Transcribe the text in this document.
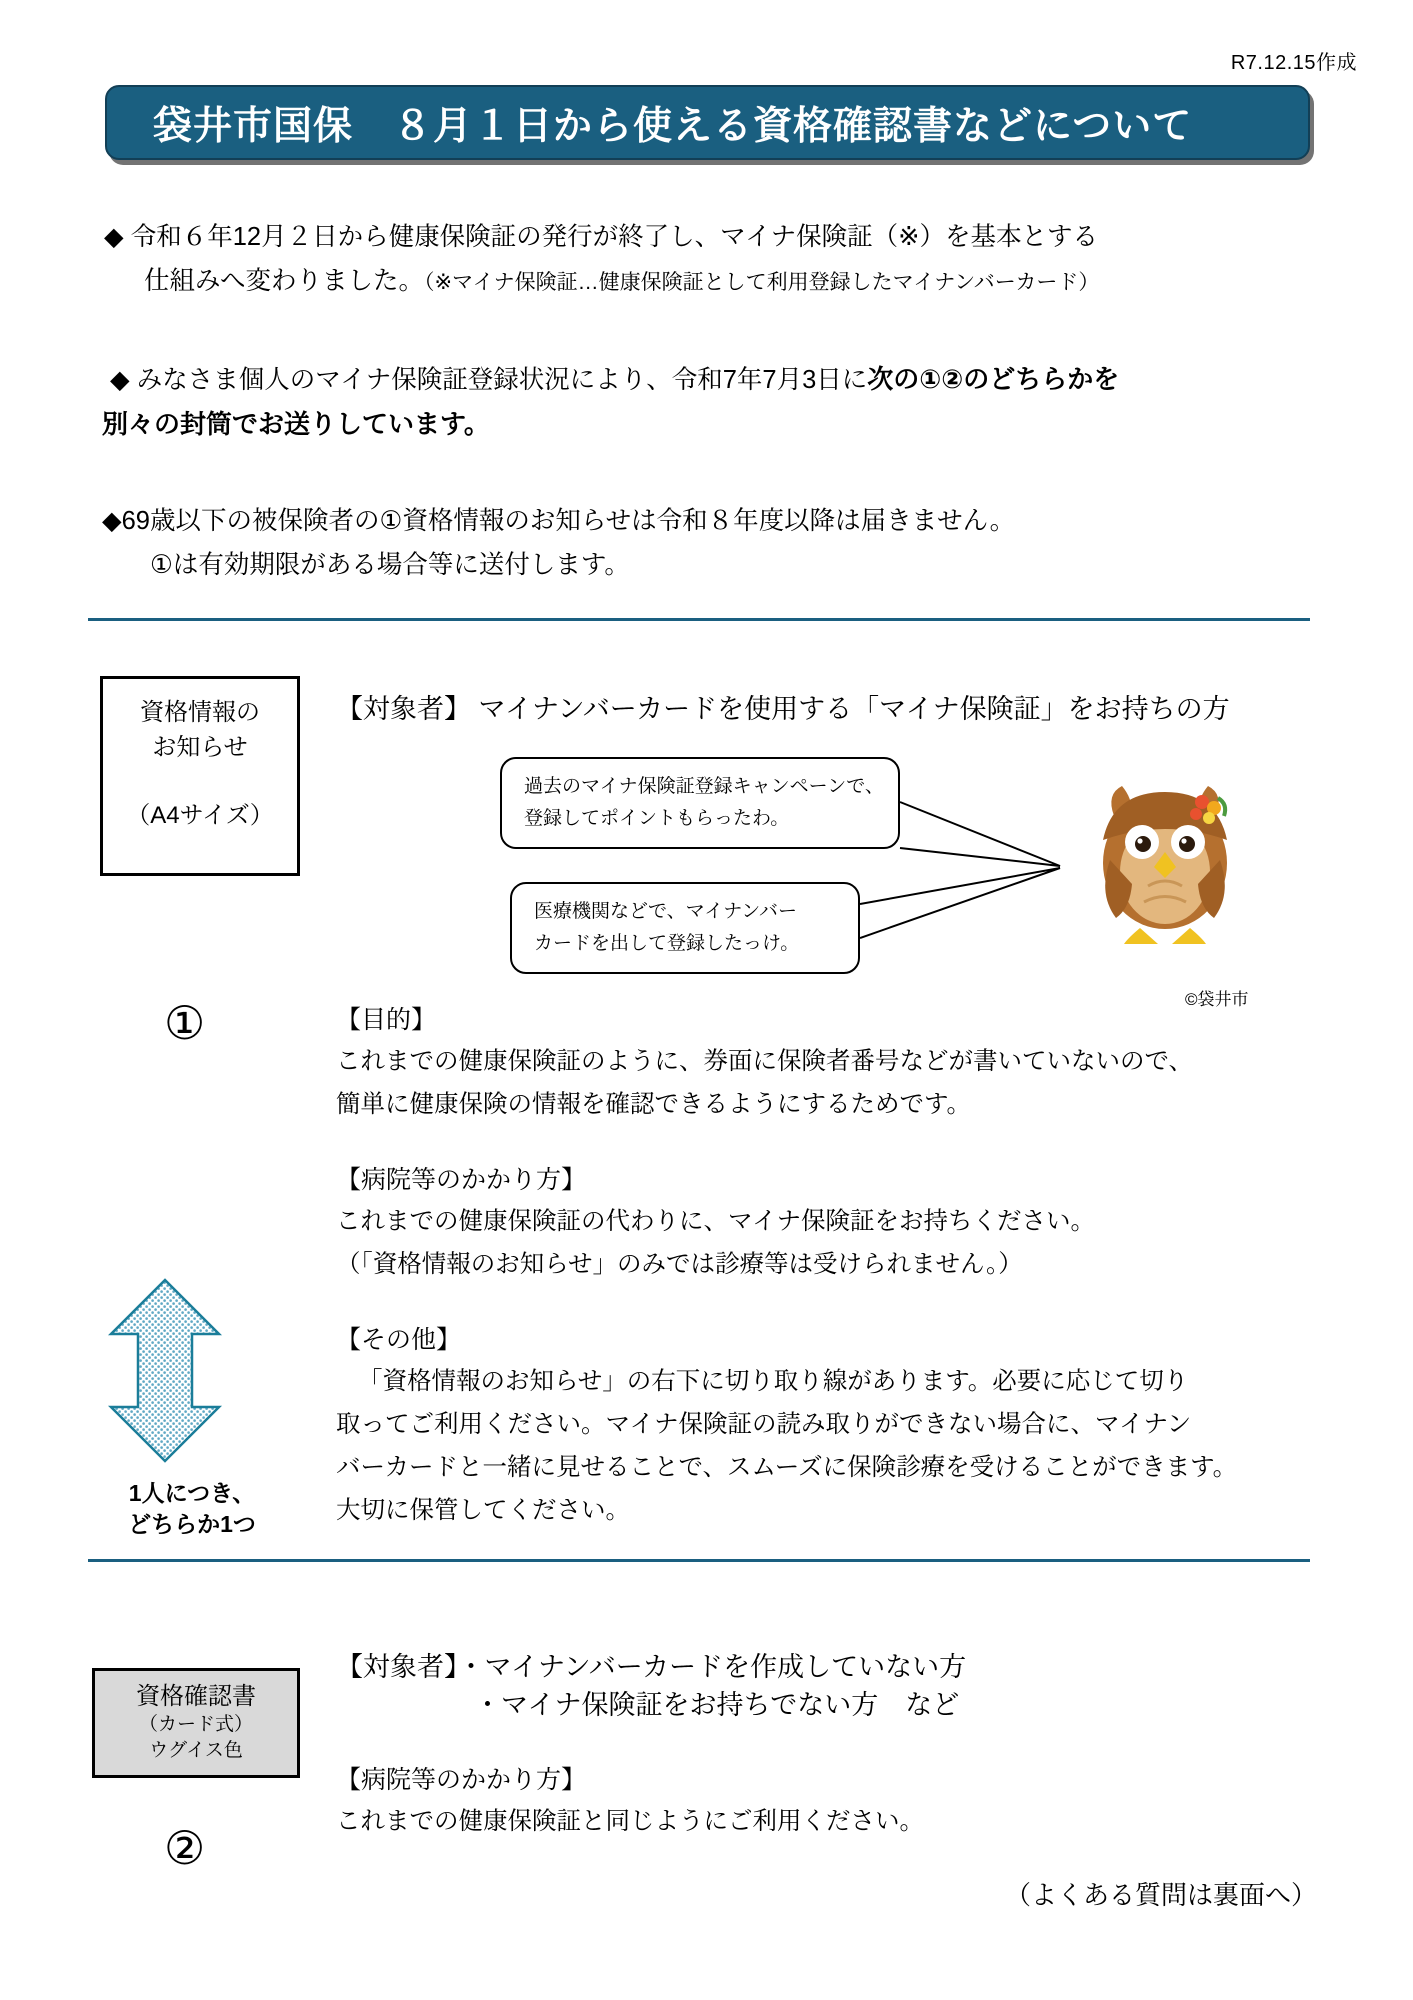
R7.12.15作成
袋井市国保　８月１日から使える資格確認書などについて
◆ 令和６年12月２日から健康保険証の発行が終了し、マイナ保険証（※）を基本とする
仕組みへ変わりました。（※マイナ保険証…健康保険証として利用登録したマイナンバーカード）
◆ みなさま個人のマイナ保険証登録状況により、令和7年7月3日に次の①②のどちらかを
別々の封筒でお送りしています。
◆69歳以下の被保険者の①資格情報のお知らせは令和８年度以降は届きません。
①は有効期限がある場合等に送付します。
資格情報の
お知らせ
（A4サイズ）
①
【対象者】 マイナンバーカードを使用する「マイナ保険証」をお持ちの方
過去のマイナ保険証登録キャンペーンで、
登録してポイントもらったわ。
医療機関などで、マイナンバー
カードを出して登録したっけ。
©袋井市
【目的】
これまでの健康保険証のように、券面に保険者番号などが書いていないので、
簡単に健康保険の情報を確認できるようにするためです。
【病院等のかかり方】
これまでの健康保険証の代わりに、マイナ保険証をお持ちください。
（「資格情報のお知らせ」のみでは診療等は受けられません。）
【その他】
「資格情報のお知らせ」の右下に切り取り線があります。必要に応じて切り
取ってご利用ください。マイナ保険証の読み取りができない場合に、マイナン
バーカードと一緒に見せることで、スムーズに保険診療を受けることができます。
大切に保管してください。
1人につき、
どちらか1つ
資格確認書
（カード式）
ウグイス色
②
【対象者】・マイナンバーカードを作成していない方
・マイナ保険証をお持ちでない方　など
【病院等のかかり方】
これまでの健康保険証と同じようにご利用ください。
（よくある質問は裏面へ）
